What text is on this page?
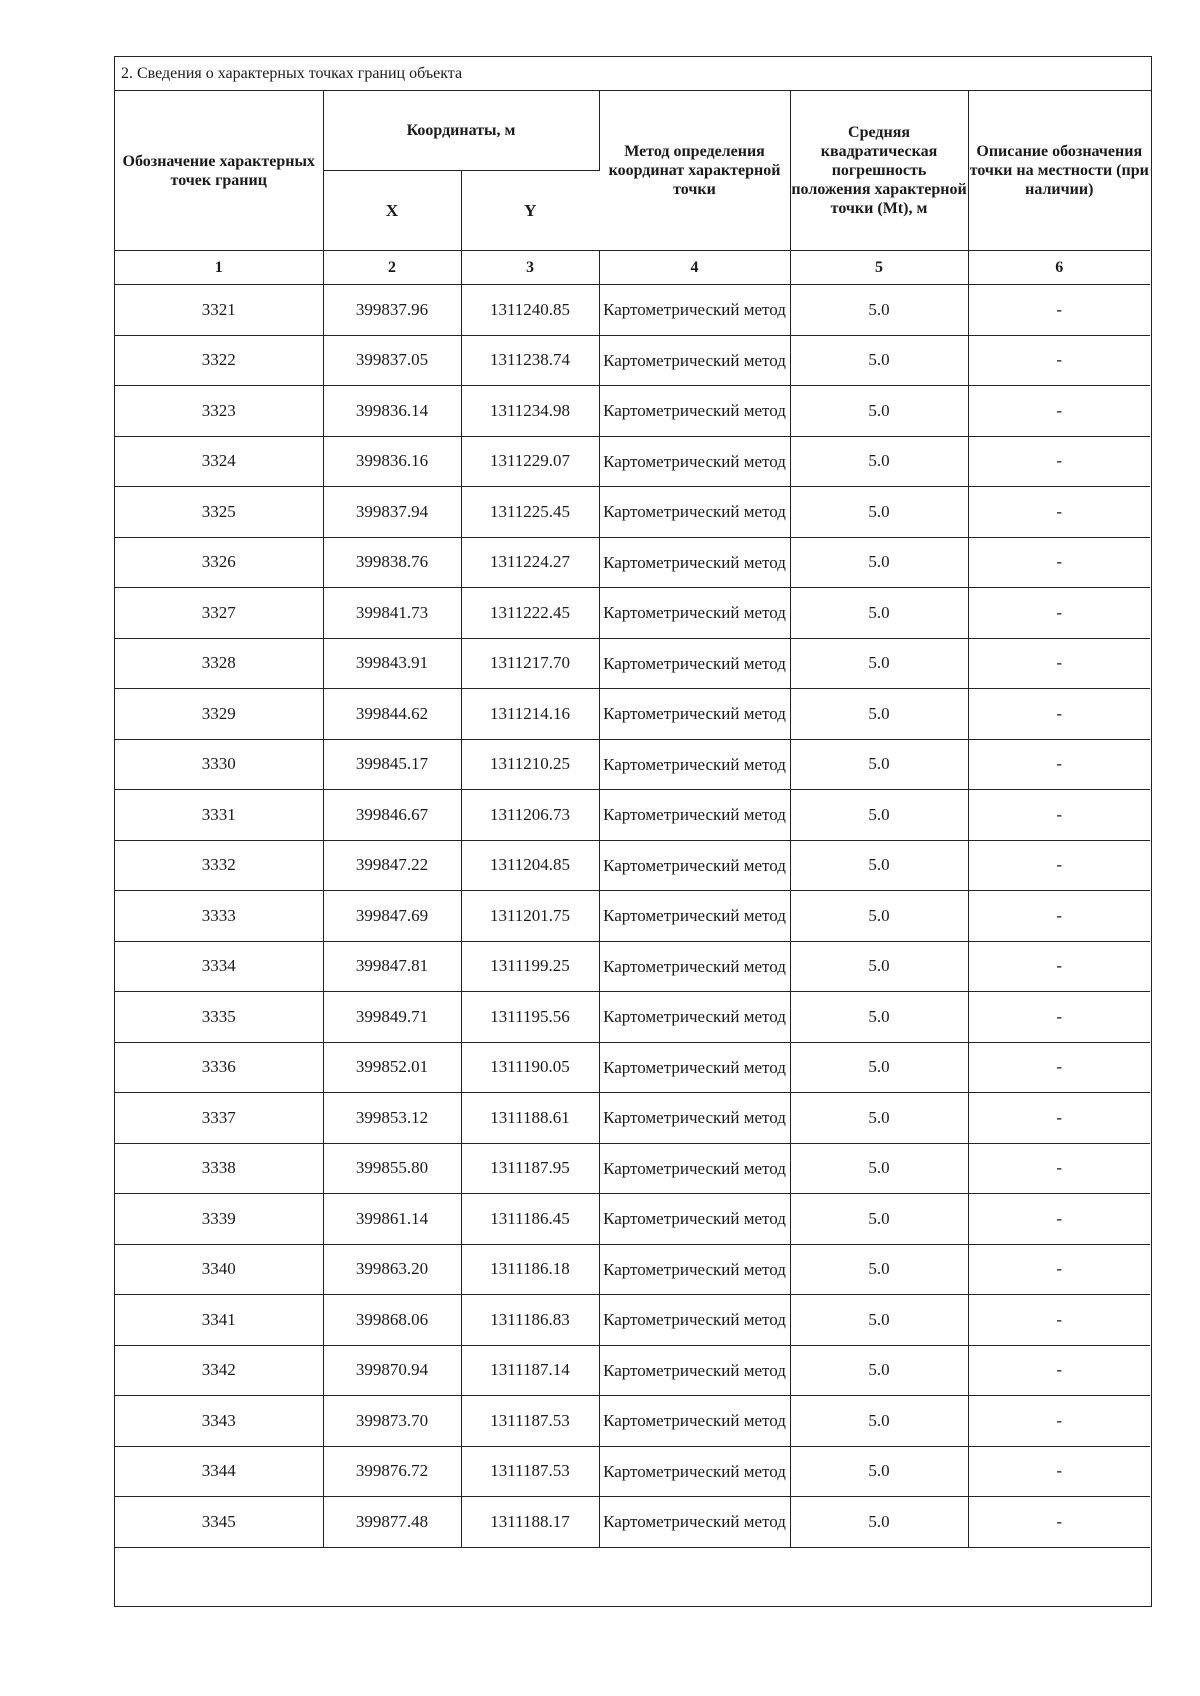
2. Сведения о характерных точках границ объекта
Обозначение характерных точек границ	Координаты, м		Метод определения координат характерной точки	Средняя квадратическая погрешность положения характерной точки (Mt), м	Описание обозначения точки на местности (при наличии)
	X	Y			
1	2	3	4	5	6
3321	399837.96	1311240.85	Картометрический метод	5.0	-
3322	399837.05	1311238.74	Картометрический метод	5.0	-
3323	399836.14	1311234.98	Картометрический метод	5.0	-
3324	399836.16	1311229.07	Картометрический метод	5.0	-
3325	399837.94	1311225.45	Картометрический метод	5.0	-
3326	399838.76	1311224.27	Картометрический метод	5.0	-
3327	399841.73	1311222.45	Картометрический метод	5.0	-
3328	399843.91	1311217.70	Картометрический метод	5.0	-
3329	399844.62	1311214.16	Картометрический метод	5.0	-
3330	399845.17	1311210.25	Картометрический метод	5.0	-
3331	399846.67	1311206.73	Картометрический метод	5.0	-
3332	399847.22	1311204.85	Картометрический метод	5.0	-
3333	399847.69	1311201.75	Картометрический метод	5.0	-
3334	399847.81	1311199.25	Картометрический метод	5.0	-
3335	399849.71	1311195.56	Картометрический метод	5.0	-
3336	399852.01	1311190.05	Картометрический метод	5.0	-
3337	399853.12	1311188.61	Картометрический метод	5.0	-
3338	399855.80	1311187.95	Картометрический метод	5.0	-
3339	399861.14	1311186.45	Картометрический метод	5.0	-
3340	399863.20	1311186.18	Картометрический метод	5.0	-
3341	399868.06	1311186.83	Картометрический метод	5.0	-
3342	399870.94	1311187.14	Картометрический метод	5.0	-
3343	399873.70	1311187.53	Картометрический метод	5.0	-
3344	399876.72	1311187.53	Картометрический метод	5.0	-
3345	399877.48	1311188.17	Картометрический метод	5.0	-
